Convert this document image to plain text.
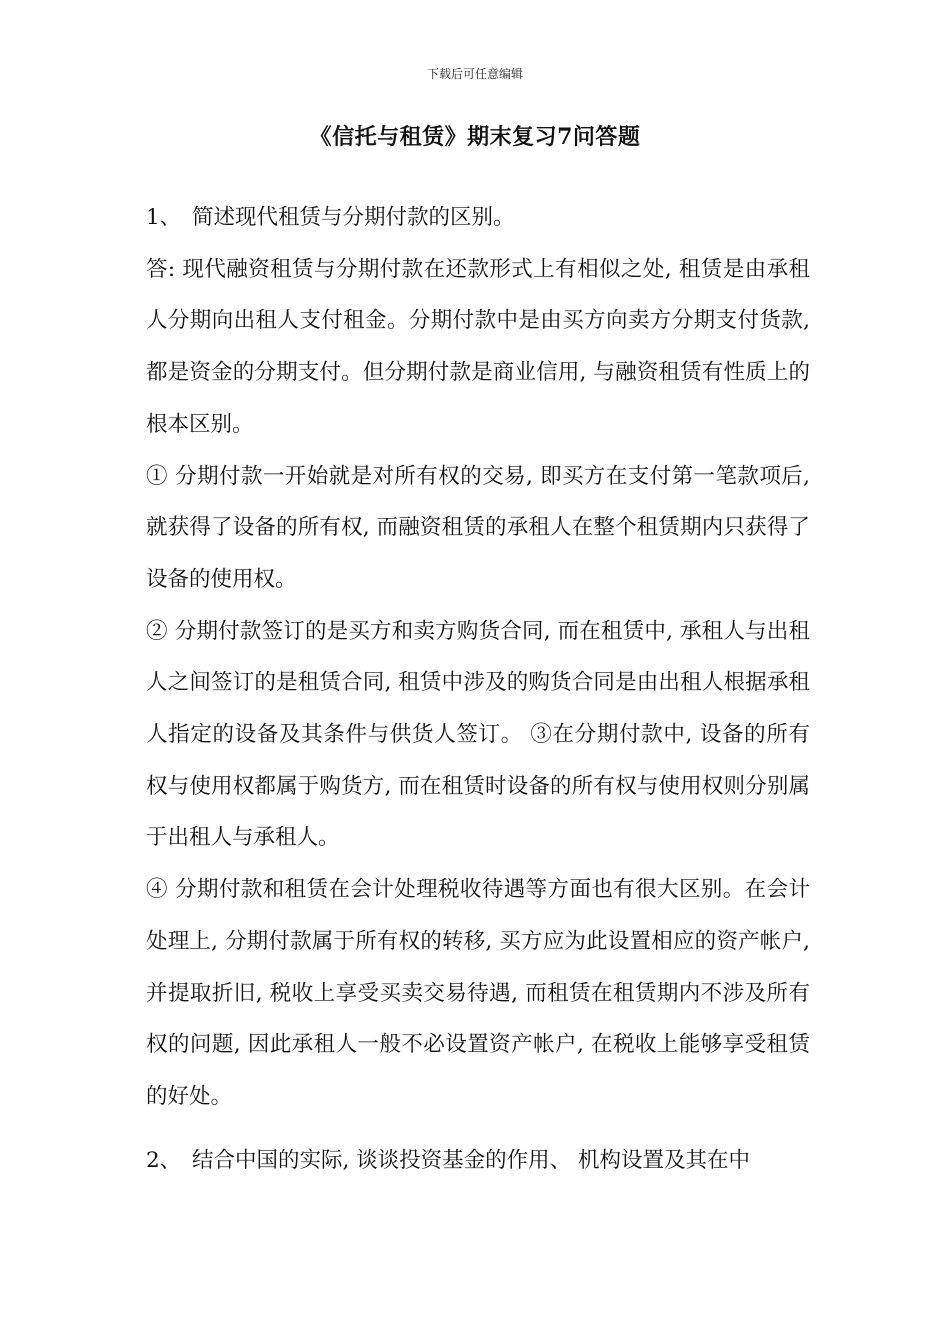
下载后可任意编辑
《信托与租赁》期末复习7问答题

1、 简述现代租赁与分期付款的区别。

答: 现代融资租赁与分期付款在还款形式上有相似之处, 租赁是由承租人分期向出租人支付租金。分期付款中是由买方向卖方分期支付货款, 都是资金的分期支付。但分期付款是商业信用, 与融资租赁有性质上的根本区别。

① 分期付款一开始就是对所有权的交易, 即买方在支付第一笔款项后, 就获得了设备的所有权, 而融资租赁的承租人在整个租赁期内只获得了设备的使用权。

② 分期付款签订的是买方和卖方购货合同, 而在租赁中, 承租人与出租人之间签订的是租赁合同, 租赁中涉及的购货合同是由出租人根据承租人指定的设备及其条件与供货人签订。 ③在分期付款中, 设备的所有权与使用权都属于购货方, 而在租赁时设备的所有权与使用权则分别属于出租人与承租人。

④ 分期付款和租赁在会计处理税收待遇等方面也有很大区别。在会计处理上, 分期付款属于所有权的转移, 买方应为此设置相应的资产帐户, 并提取折旧, 税收上享受买卖交易待遇, 而租赁在租赁期内不涉及所有权的问题, 因此承租人一般不必设置资产帐户, 在税收上能够享受租赁的好处。

2、 结合中国的实际, 谈谈投资基金的作用、 机构设置及其在中
